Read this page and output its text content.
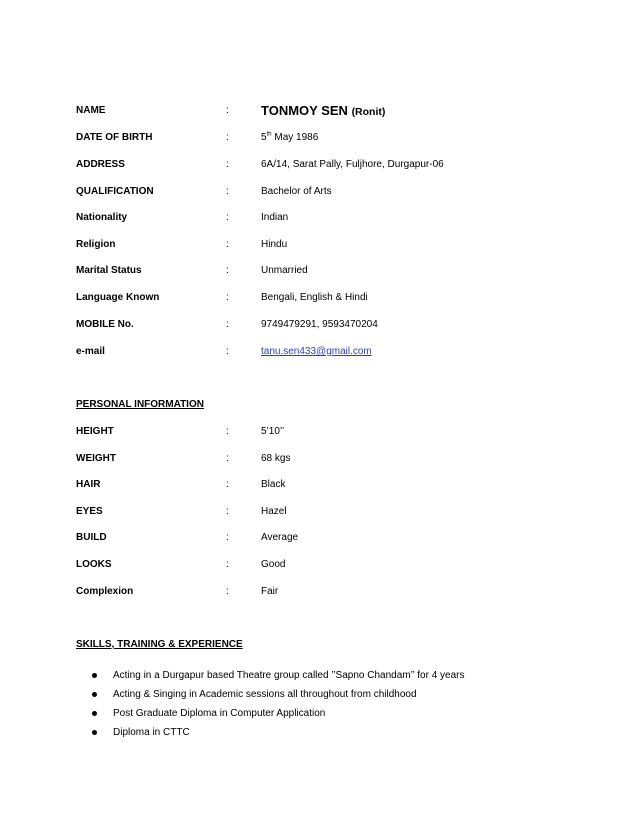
NAME	: TONMOY SEN (Ronit)
DATE OF BIRTH	:	5th May 1986
ADDRESS	:	6A/14, Sarat Pally, Fuljhore, Durgapur-06
QUALIFICATION	:	Bachelor of Arts
Nationality	:	Indian
Religion	:	Hindu
Marital Status	:	Unmarried
Language Known	:	Bengali, English & Hindi
MOBILE No.	:	9749479291, 9593470204
e-mail	:	tanu.sen433@gmail.com
PERSONAL INFORMATION
HEIGHT	:	5’10’’
WEIGHT	:	68 kgs
HAIR	:	Black
EYES	:	Hazel
BUILD	:	Average
LOOKS	:	Good
Complexion	:	Fair
SKILLS, TRAINING & EXPERIENCE
Acting in a Durgapur based Theatre group called ’’Sapno Chandam’’ for 4 years
Acting & Singing in Academic sessions all throughout from childhood
Post Graduate Diploma in Computer Application
Diploma in CTTC
